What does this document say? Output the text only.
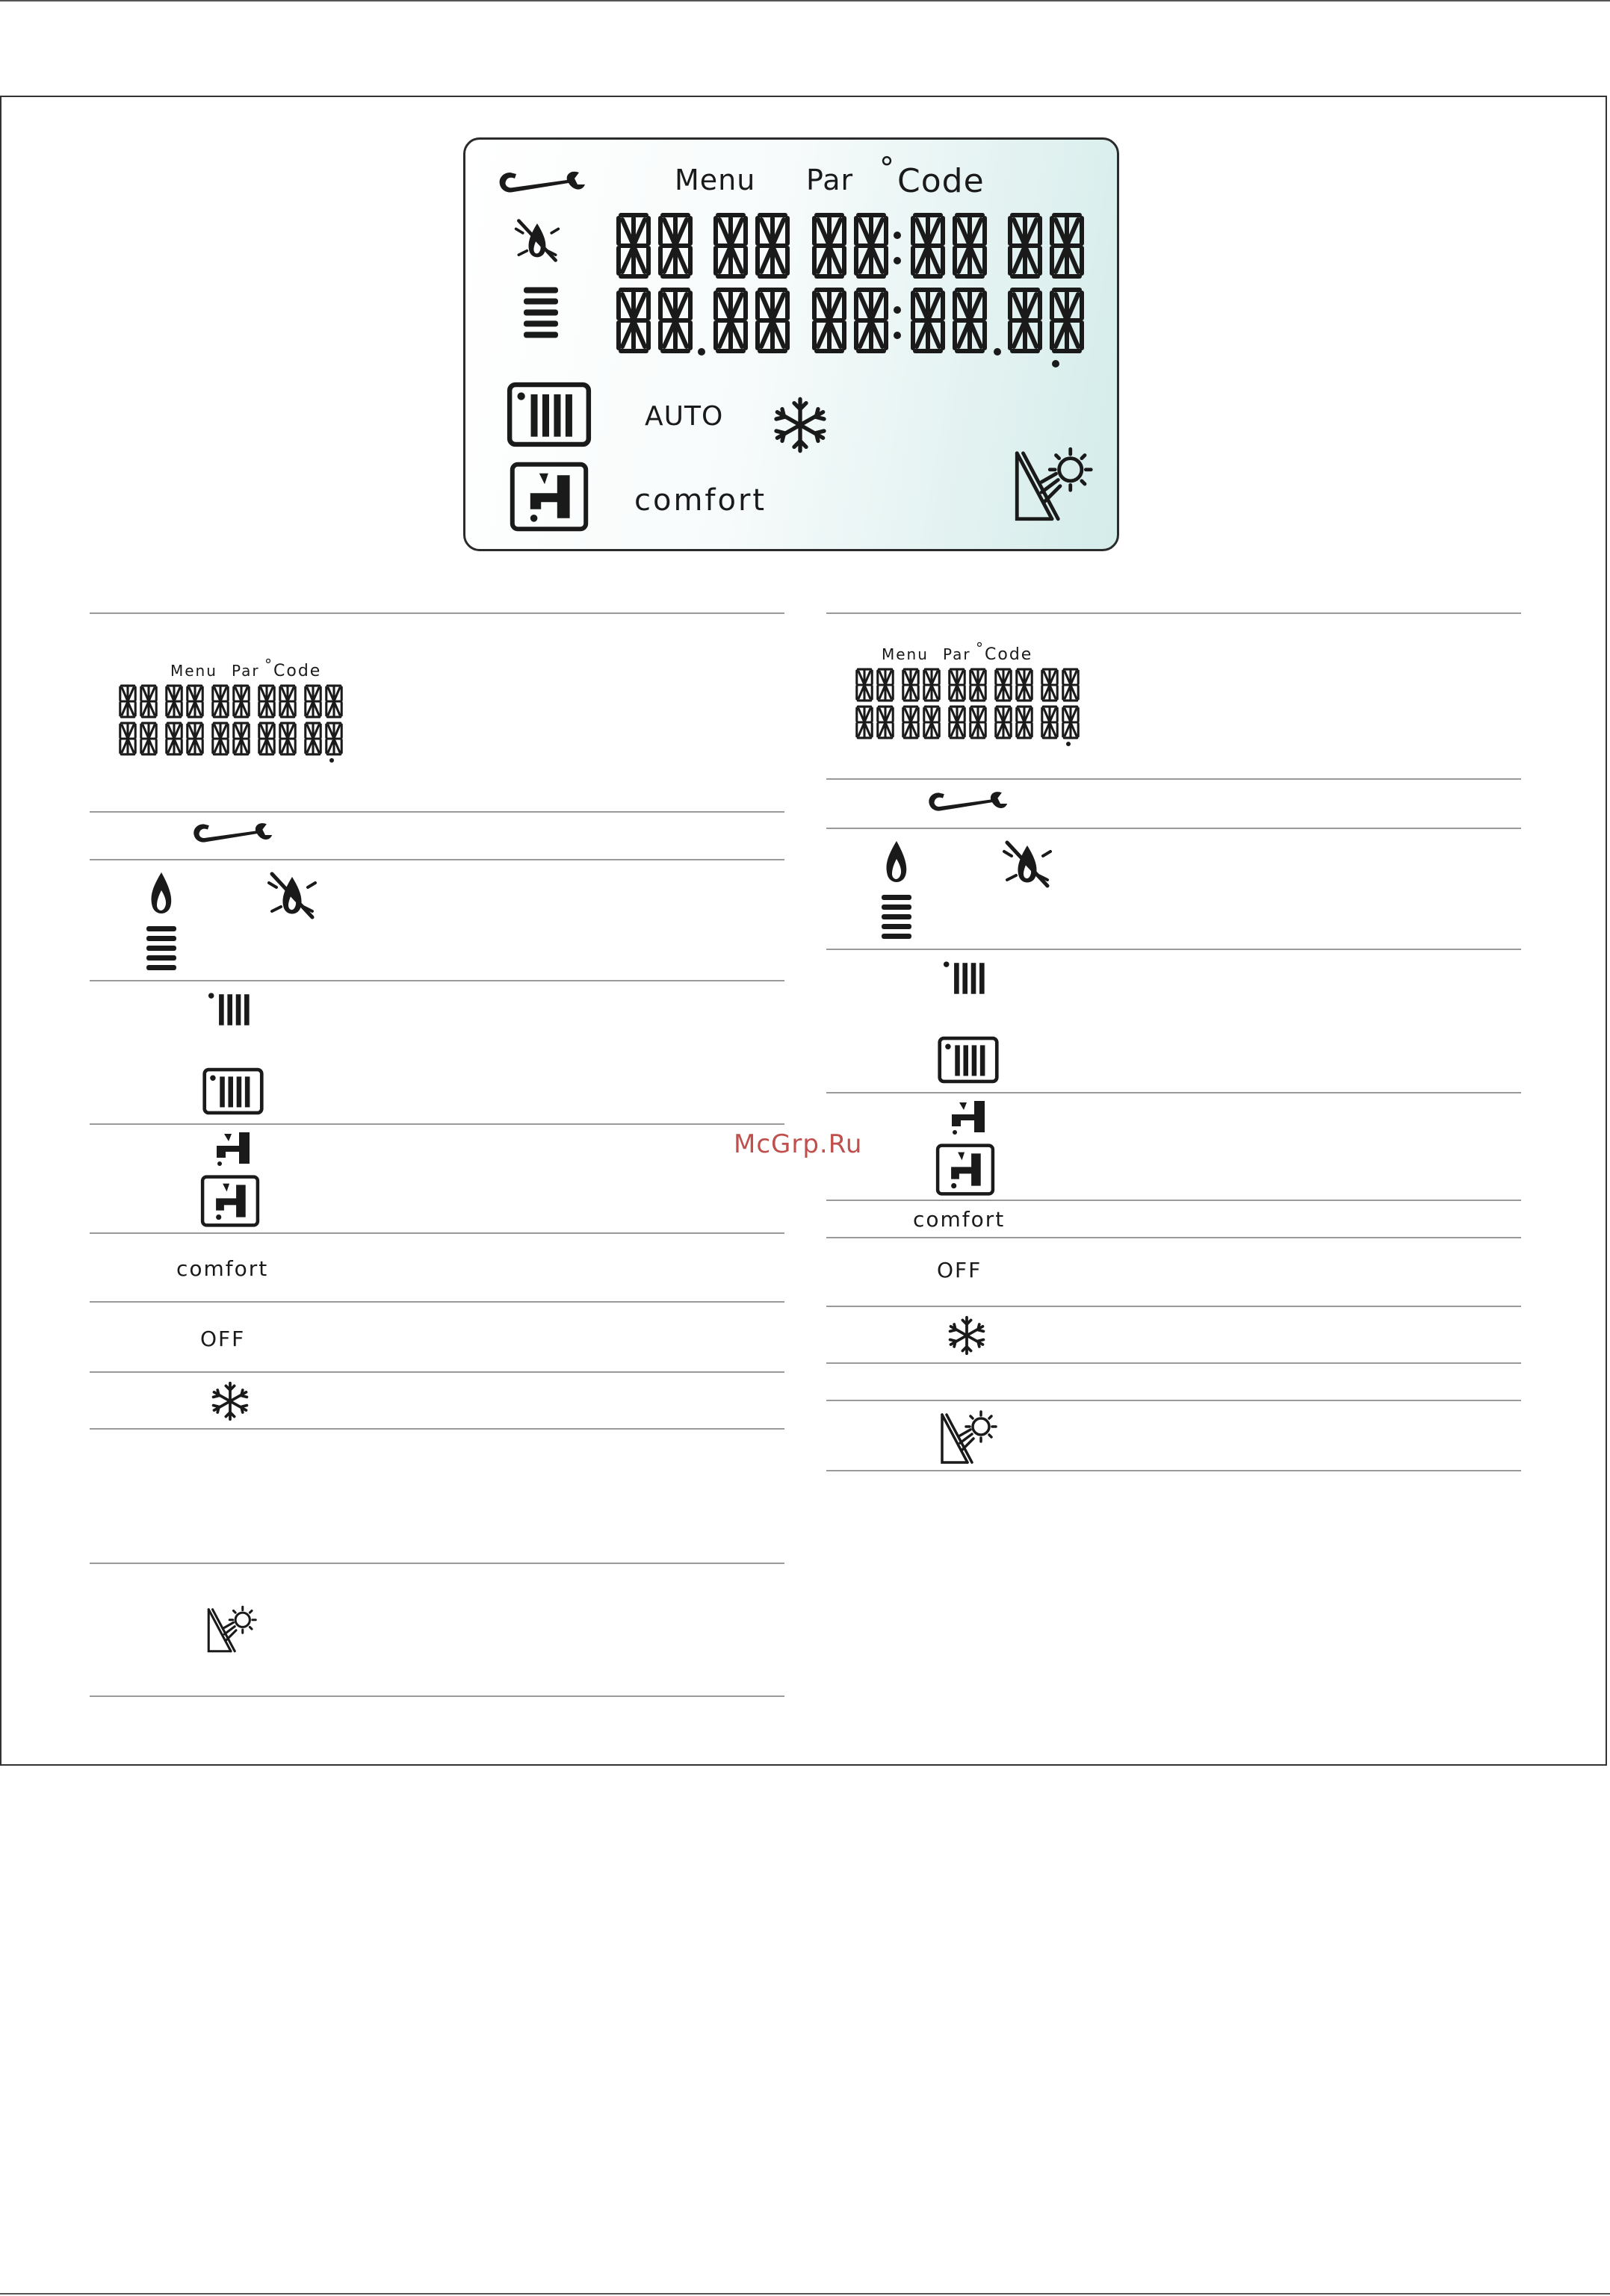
Menu Par ° Code
AUTO
comfort
Menu Par ° Code
comfort
OFF
Menu Par ° Code
comfort
OFF
McGrp.Ru
